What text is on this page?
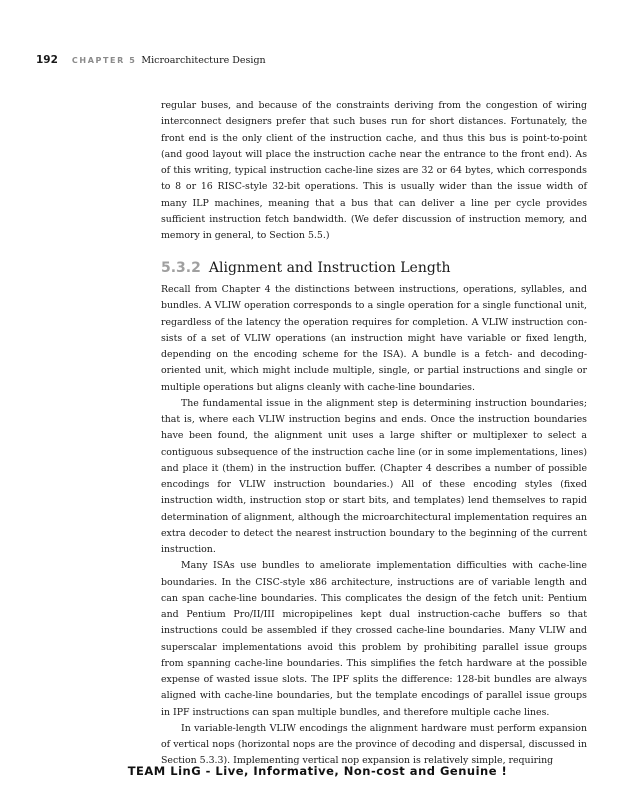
192 CHAPTER 5 Microarchitecture Design

regular buses, and because of the constraints deriving from the congestion of wiring interconnect designers prefer that such buses run for short distances. Fortunately, the front end is the only client of the instruction cache, and thus this bus is point-to-point (and good layout will place the instruction cache near the entrance to the front end). As of this writing, typical instruction cache-line sizes are 32 or 64 bytes, which corresponds to 8 or 16 RISC-style 32-bit operations. This is usually wider than the issue width of many ILP machines, meaning that a bus that can deliver a line per cycle provides sufficient instruction fetch bandwidth. (We defer discussion of instruction memory, and memory in general, to Section 5.5.)

5.3.2 Alignment and Instruction Length

Recall from Chapter 4 the distinctions between instructions, operations, syllables, and bundles. A VLIW operation corresponds to a single operation for a single functional unit, regardless of the latency the operation requires for completion. A VLIW instruction consists of a set of VLIW operations (an instruction might have variable or fixed length, depending on the encoding scheme for the ISA). A bundle is a fetch- and decoding-oriented unit, which might include multiple, single, or partial instructions and single or multiple operations but aligns cleanly with cache-line boundaries.

The fundamental issue in the alignment step is determining instruction boundaries; that is, where each VLIW instruction begins and ends. Once the instruction boundaries have been found, the alignment unit uses a large shifter or multiplexer to select a contiguous subsequence of the instruction cache line (or in some implementations, lines) and place it (them) in the instruction buffer. (Chapter 4 describes a number of possible encodings for VLIW instruction boundaries.) All of these encoding styles (fixed instruction width, instruction stop or start bits, and templates) lend themselves to rapid determination of alignment, although the microarchitectural implementation requires an extra decoder to detect the nearest instruction boundary to the beginning of the current instruction.

Many ISAs use bundles to ameliorate implementation difficulties with cache-line boundaries. In the CISC-style x86 architecture, instructions are of variable length and can span cache-line boundaries. This complicates the design of the fetch unit: Pentium and Pentium Pro/II/III micropipelines kept dual instruction-cache buffers so that instructions could be assembled if they crossed cache-line boundaries. Many VLIW and superscalar implementations avoid this problem by prohibiting parallel issue groups from spanning cache-line boundaries. This simplifies the fetch hardware at the possible expense of wasted issue slots. The IPF splits the difference: 128-bit bundles are always aligned with cache-line boundaries, but the template encodings of parallel issue groups in IPF instructions can span multiple bundles, and therefore multiple cache lines.

In variable-length VLIW encodings the alignment hardware must perform expansion of vertical nops (horizontal nops are the province of decoding and dispersal, discussed in Section 5.3.3). Implementing vertical nop expansion is relatively simple, requiring

TEAM LinG - Live, Informative, Non-cost and Genuine !
